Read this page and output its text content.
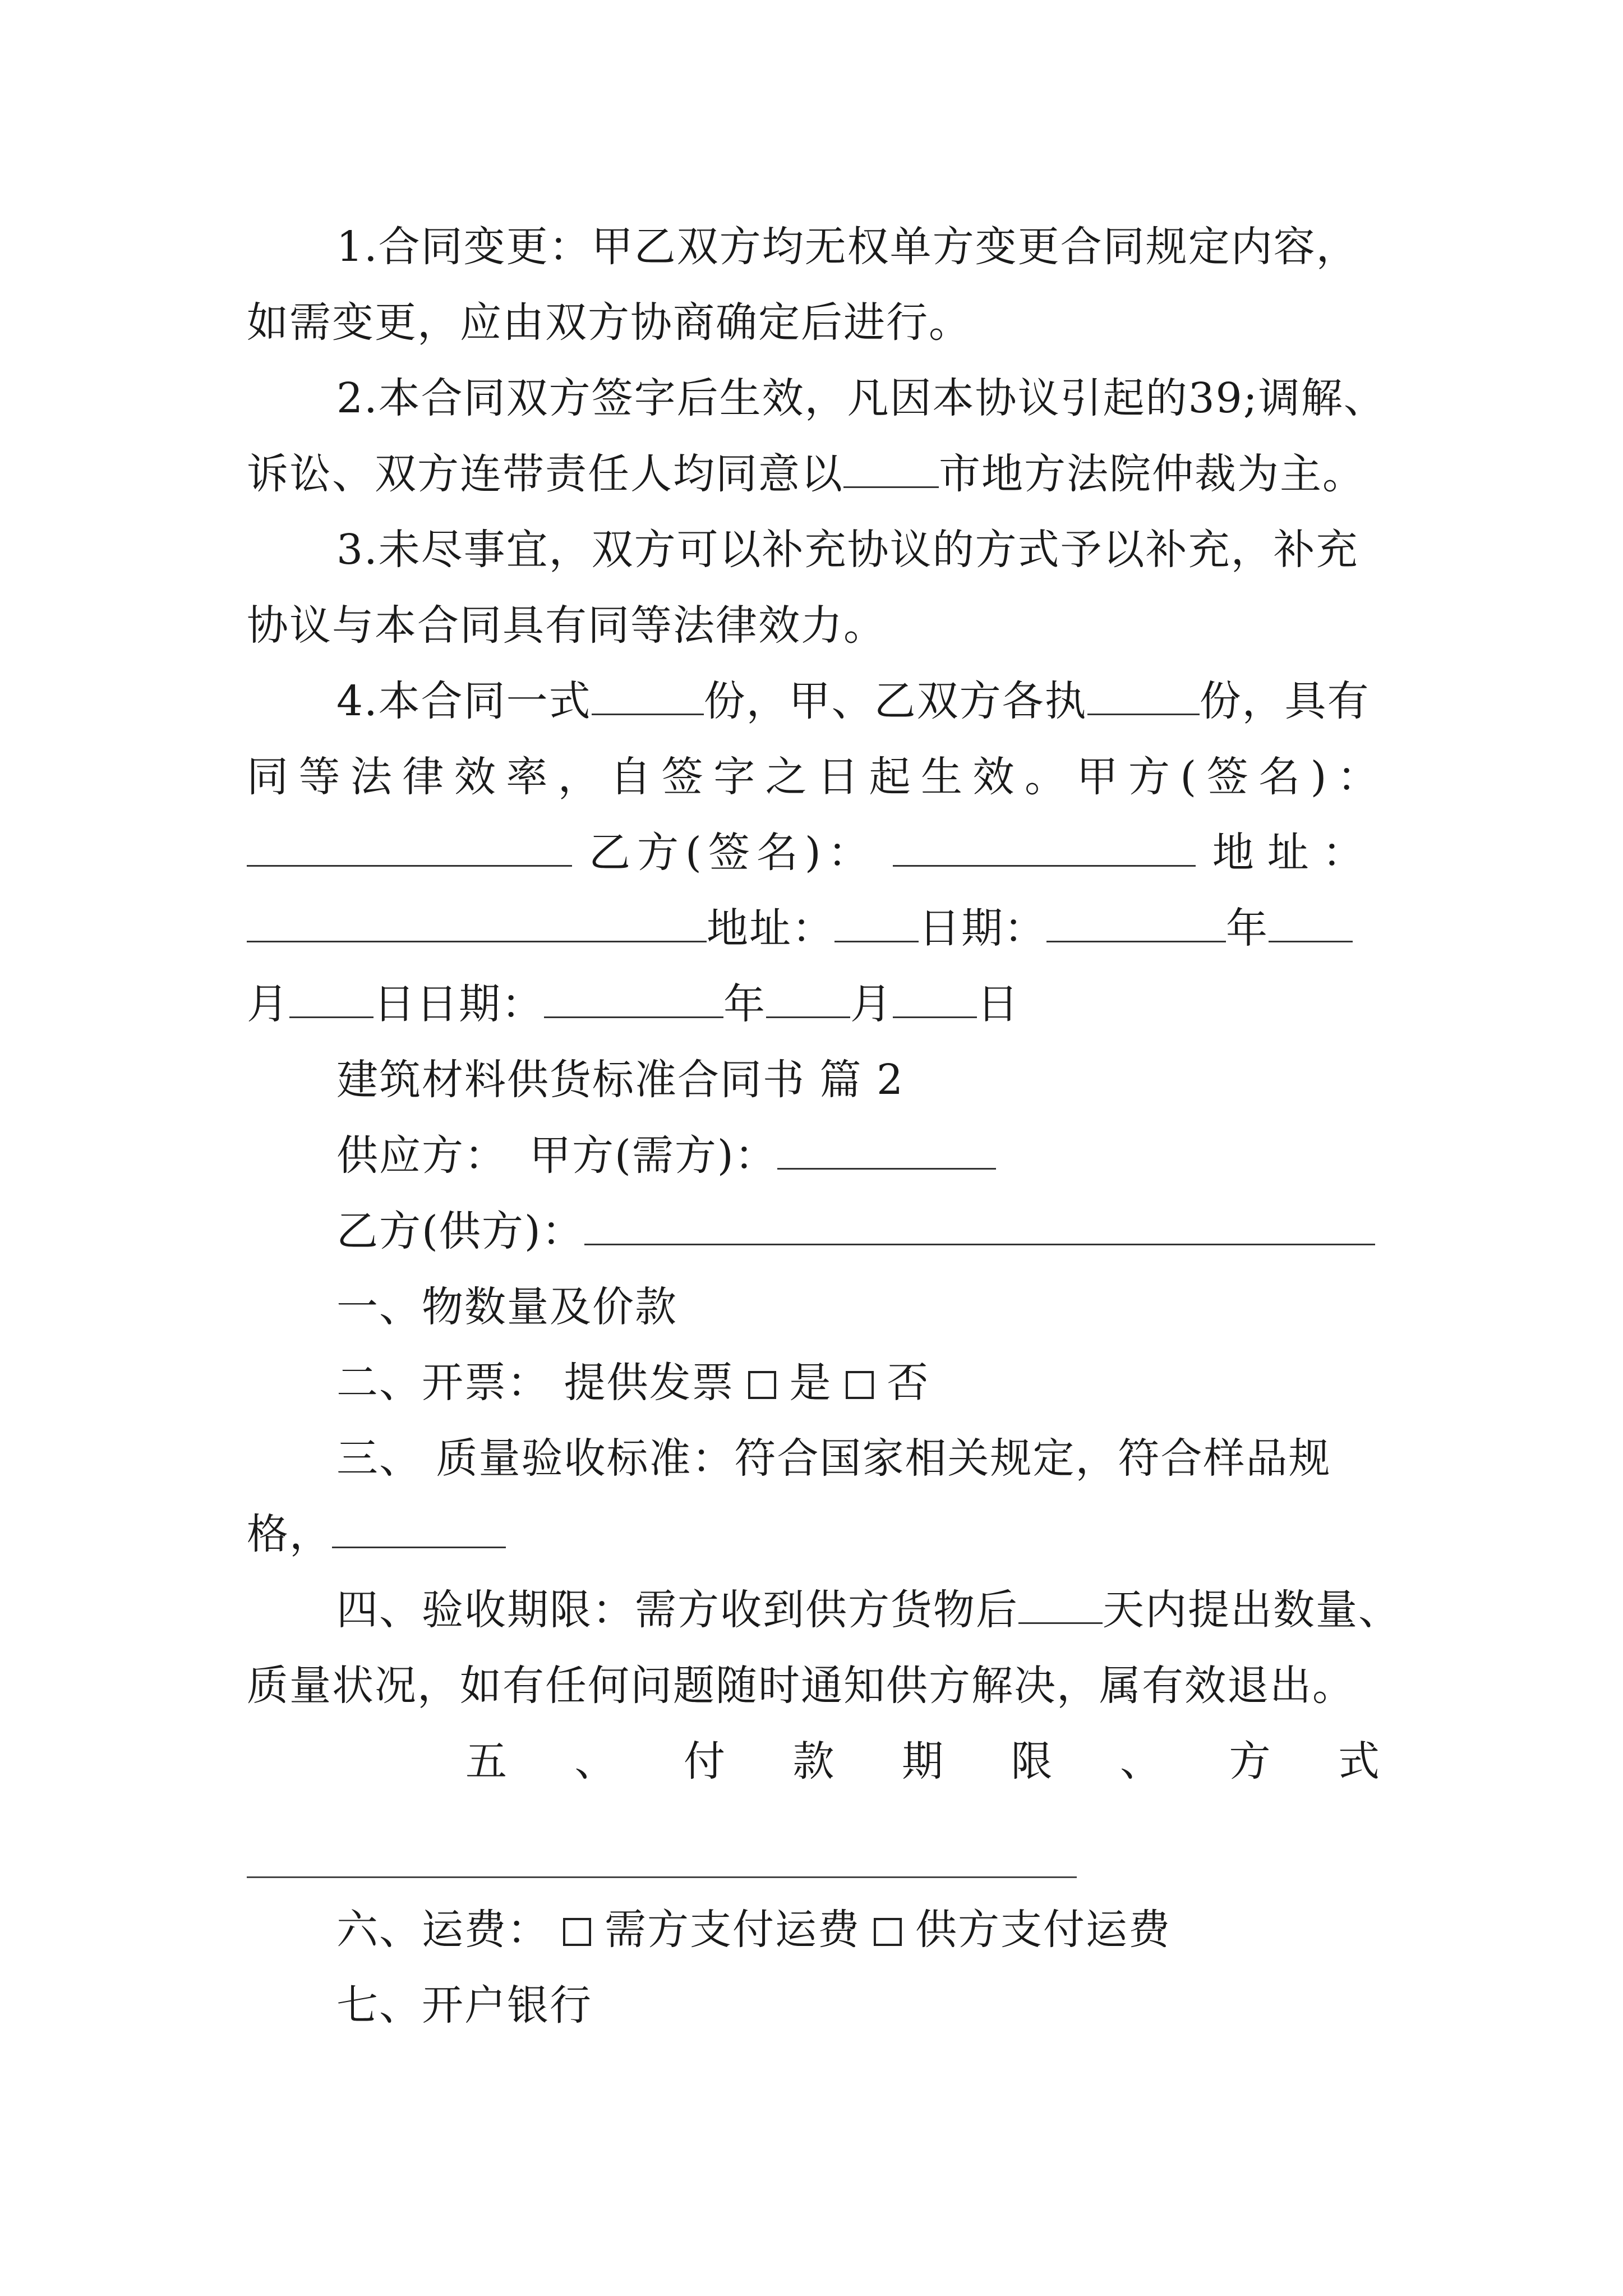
1.合同变更：甲乙双方均无权单方变更合同规定内容，
如需变更，应由双方协商确定后进行。
2.本合同双方签字后生效，凡因本协议引起的39;调解、
诉讼、双方连带责任人均同意以 市地方法院仲裁为主。
3.未尽事宜，双方可以补充协议的方式予以补充，补充
协议与本合同具有同等法律效力。
4.本合同一式	份，甲、乙双方各执	份，具有
同等法律效率，自签字之日起生效。甲方(签名)：
乙方(签名)：	地址：
地址： 日期：	年
月 日日期：	年 月 日
建筑材料供货标准合同书 篇 2
供应方： 甲方(需方)：
乙方(供方)：
一、物数量及价款
二、开票： 提供发票 是 否
三、 质量验收标准：符合国家相关规定，符合样品规
格，
四、验收期限：需方收到供方货物后 天内提出数量、
质量状况，如有任何问题随时通知供方解决，属有效退出。
五、付款期限、方式
六、运费： 需方支付运费 供方支付运费
七、开户银行
